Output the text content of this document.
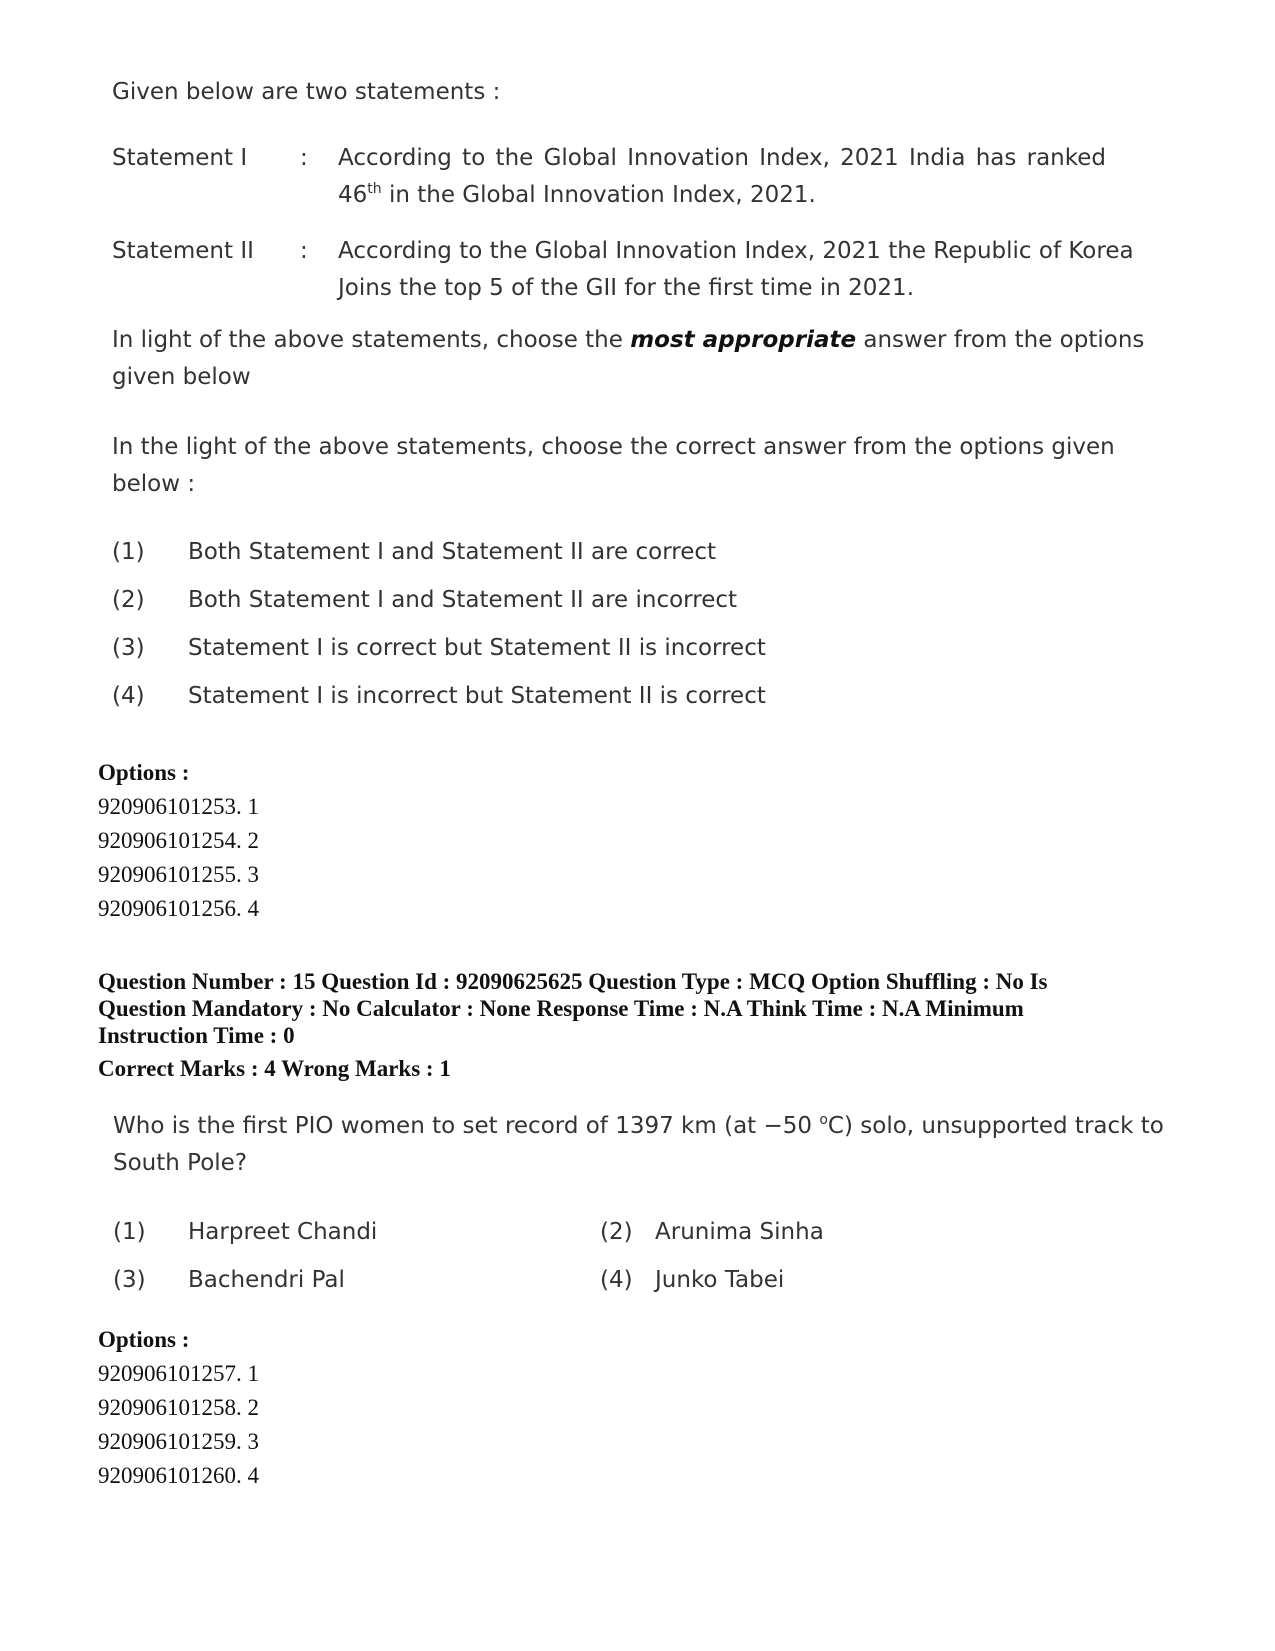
Given below are two statements :
Statement I : According to the Global Innovation Index, 2021 India has ranked
46th in the Global Innovation Index, 2021.
Statement II : According to the Global Innovation Index, 2021 the Republic of Korea
Joins the top 5 of the GII for the first time in 2021.
In light of the above statements, choose the most appropriate answer from the options
given below
In the light of the above statements, choose the correct answer from the options given
below :
(1) Both Statement I and Statement II are correct
(2) Both Statement I and Statement II are incorrect
(3) Statement I is correct but Statement II is incorrect
(4) Statement I is incorrect but Statement II is correct
Options :
920906101253. 1
920906101254. 2
920906101255. 3
920906101256. 4
Question Number : 15 Question Id : 92090625625 Question Type : MCQ Option Shuffling : No Is
Question Mandatory : No Calculator : None Response Time : N.A Think Time : N.A Minimum
Instruction Time : 0
Correct Marks : 4 Wrong Marks : 1
Who is the first PIO women to set record of 1397 km (at −50 $^o$C) solo, unsupported track to
South Pole?
(1) Harpreet Chandi	(2) Arunima Sinha
(3) Bachendri Pal	(4) Junko Tabei
Options :
920906101257. 1
920906101258. 2
920906101259. 3
920906101260. 4
